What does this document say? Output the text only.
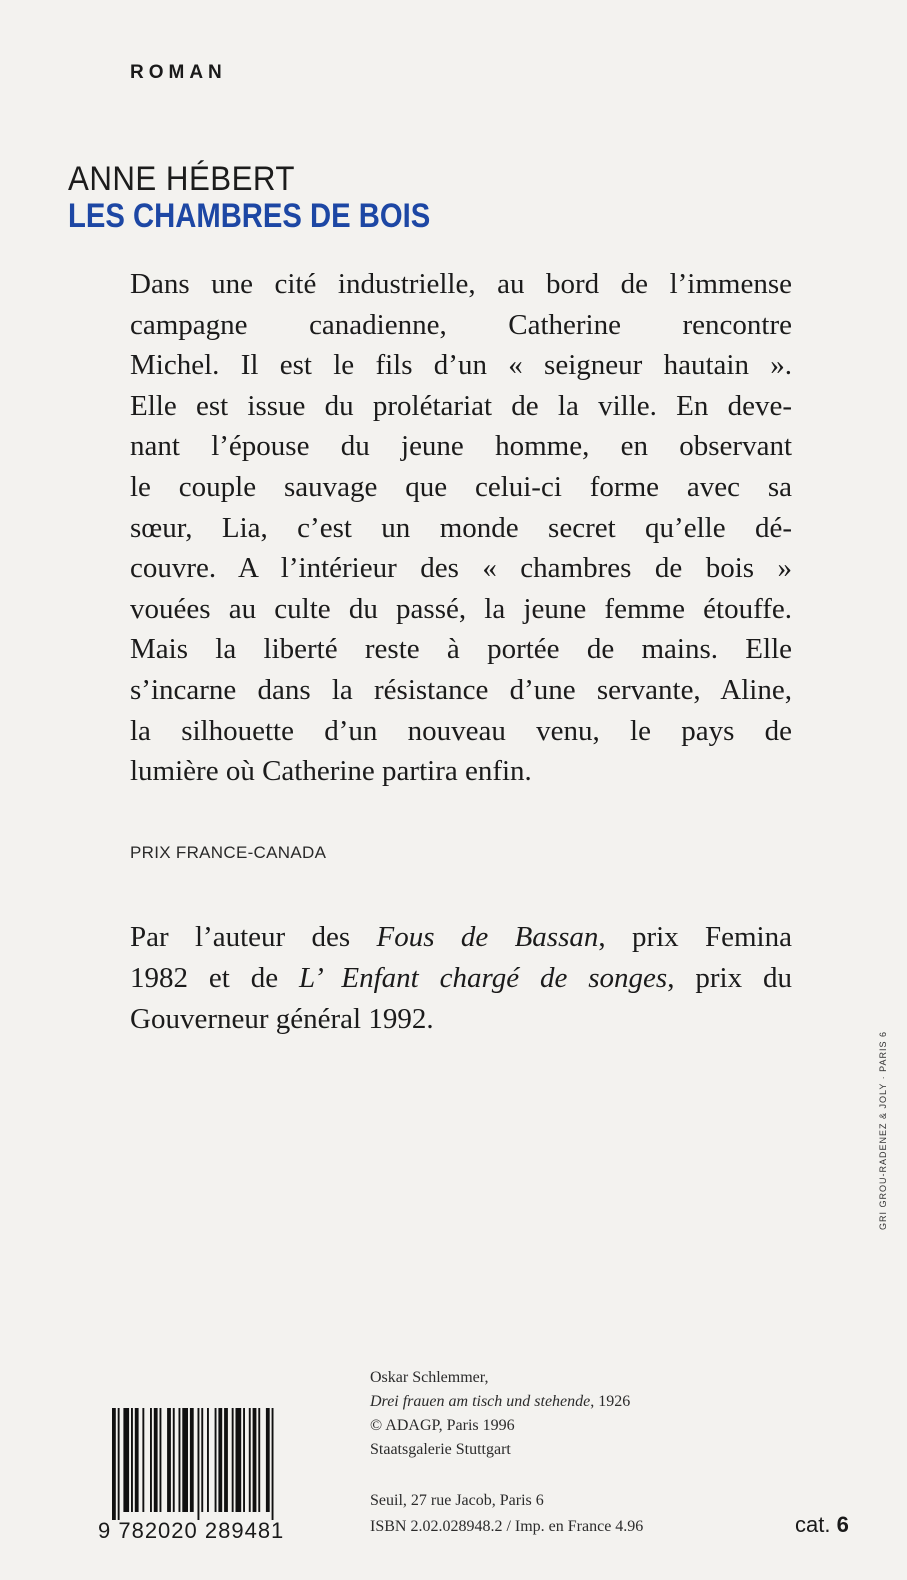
ROMAN
ANNE HÉBERT
LES CHAMBRES DE BOIS
Dans une cité industrielle, au bord de l’immense
campagne canadienne, Catherine rencontre
Michel. Il est le fils d’un « seigneur hautain ».
Elle est issue du prolétariat de la ville. En deve-
nant l’épouse du jeune homme, en observant
le couple sauvage que celui-ci forme avec sa
sœur, Lia, c’est un monde secret qu’elle dé-
couvre. A l’intérieur des « chambres de bois »
vouées au culte du passé, la jeune femme étouffe.
Mais la liberté reste à portée de mains. Elle
s’incarne dans la résistance d’une servante, Aline,
la silhouette d’un nouveau venu, le pays de
lumière où Catherine partira enfin.
PRIX FRANCE-CANADA
Par l’auteur des Fous de Bassan, prix Femina
1982 et de L’ Enfant chargé de songes, prix du
Gouverneur général 1992.
Oskar Schlemmer,
Drei frauen am tisch und stehende, 1926
© ADAGP, Paris 1996
Staatsgalerie Stuttgart
Seuil, 27 rue Jacob, Paris 6
ISBN 2.02.028948.2 / Imp. en France 4.96	cat. 6
9 782020 289481
GRI GROU-RADENEZ & JOLY · PARIS 6
